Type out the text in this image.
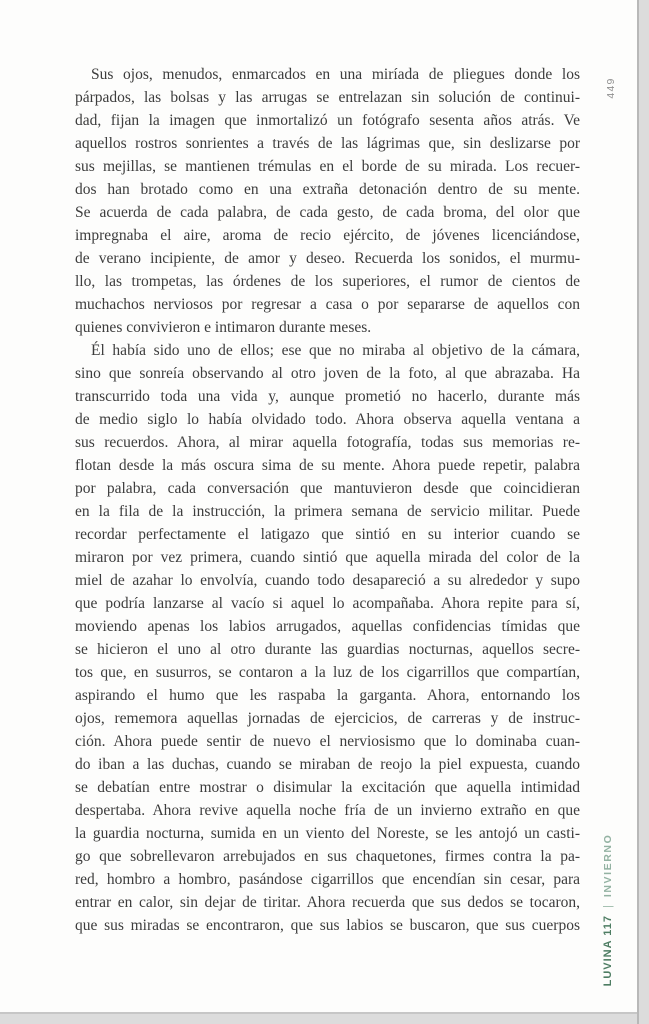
Sus ojos, menudos, enmarcados en una miríada de pliegues donde los
párpados, las bolsas y las arrugas se entrelazan sin solución de continui-
dad, fijan la imagen que inmortalizó un fotógrafo sesenta años atrás. Ve
aquellos rostros sonrientes a través de las lágrimas que, sin deslizarse por
sus mejillas, se mantienen trémulas en el borde de su mirada. Los recuer-
dos han brotado como en una extraña detonación dentro de su mente.
Se acuerda de cada palabra, de cada gesto, de cada broma, del olor que
impregnaba el aire, aroma de recio ejército, de jóvenes licenciándose,
de verano incipiente, de amor y deseo. Recuerda los sonidos, el murmu-
llo, las trompetas, las órdenes de los superiores, el rumor de cientos de
muchachos nerviosos por regresar a casa o por separarse de aquellos con
quienes convivieron e intimaron durante meses.
Él había sido uno de ellos; ese que no miraba al objetivo de la cámara,
sino que sonreía observando al otro joven de la foto, al que abrazaba. Ha
transcurrido toda una vida y, aunque prometió no hacerlo, durante más
de medio siglo lo había olvidado todo. Ahora observa aquella ventana a
sus recuerdos. Ahora, al mirar aquella fotografía, todas sus memorias re-
flotan desde la más oscura sima de su mente. Ahora puede repetir, palabra
por palabra, cada conversación que mantuvieron desde que coincidieran
en la fila de la instrucción, la primera semana de servicio militar. Puede
recordar perfectamente el latigazo que sintió en su interior cuando se
miraron por vez primera, cuando sintió que aquella mirada del color de la
miel de azahar lo envolvía, cuando todo desapareció a su alrededor y supo
que podría lanzarse al vacío si aquel lo acompañaba. Ahora repite para sí,
moviendo apenas los labios arrugados, aquellas confidencias tímidas que
se hicieron el uno al otro durante las guardias nocturnas, aquellos secre-
tos que, en susurros, se contaron a la luz de los cigarrillos que compartían,
aspirando el humo que les raspaba la garganta. Ahora, entornando los
ojos, rememora aquellas jornadas de ejercicios, de carreras y de instruc-
ción. Ahora puede sentir de nuevo el nerviosismo que lo dominaba cuan-
do iban a las duchas, cuando se miraban de reojo la piel expuesta, cuando
se debatían entre mostrar o disimular la excitación que aquella intimidad
despertaba. Ahora revive aquella noche fría de un invierno extraño en que
la guardia nocturna, sumida en un viento del Noreste, se les antojó un casti-
go que sobrellevaron arrebujados en sus chaquetones, firmes contra la pa-
red, hombro a hombro, pasándose cigarrillos que encendían sin cesar, para
entrar en calor, sin dejar de tiritar. Ahora recuerda que sus dedos se tocaron,
que sus miradas se encontraron, que sus labios se buscaron, que sus cuerpos
449
LUVINA 117|INVIERNO
